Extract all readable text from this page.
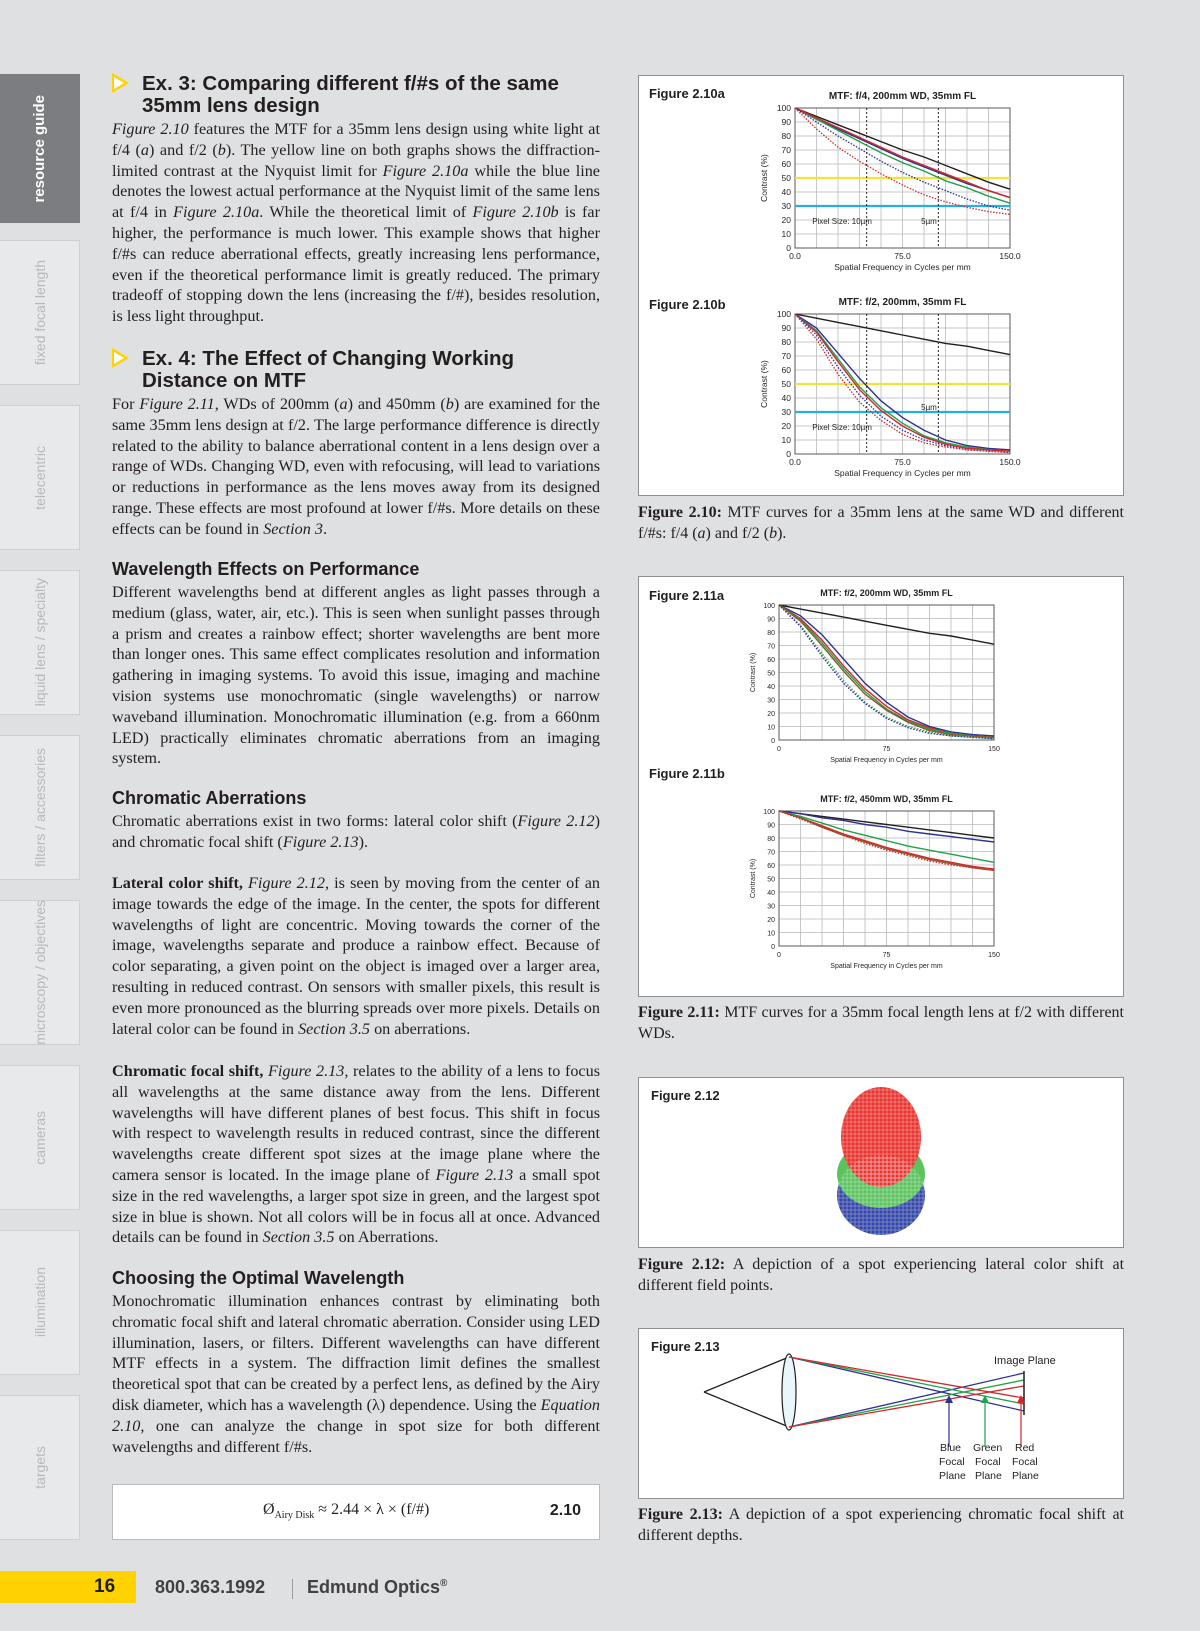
resource guide
fixed focal length
telecentric
liquid lens / specialty
filters / accessories
microscopy / objectives
cameras
illumination
targets
Ex. 3: Comparing different f/#s of the same 35mm lens design
Figure 2.10 features the MTF for a 35mm lens design using white light at f/4 (a) and f/2 (b). The yellow line on both graphs shows the diffraction-limited contrast at the Nyquist limit for Figure 2.10a while the blue line denotes the lowest actual performance at the Nyquist limit of the same lens at f/4 in Figure 2.10a. While the theoretical limit of Figure 2.10b is far higher, the performance is much lower. This example shows that higher f/#s can reduce aberrational effects, greatly increasing lens performance, even if the theoretical performance limit is greatly reduced. The primary tradeoff of stopping down the lens (increasing the f/#), besides resolution, is less light throughput.
Ex. 4: The Effect of Changing Working Distance on MTF
For Figure 2.11, WDs of 200mm (a) and 450mm (b) are examined for the same 35mm lens design at f/2. The large performance difference is directly related to the ability to balance aberrational content in a lens design over a range of WDs. Changing WD, even with refocusing, will lead to variations or reductions in performance as the lens moves away from its designed range. These effects are most profound at lower f/#s. More details on these effects can be found in Section 3.
Wavelength Effects on Performance
Different wavelengths bend at different angles as light passes through a medium (glass, water, air, etc.). This is seen when sunlight passes through a prism and creates a rainbow effect; shorter wavelengths are bent more than longer ones. This same effect complicates resolution and information gathering in imaging systems. To avoid this issue, imaging and machine vision systems use monochromatic (single wavelengths) or narrow waveband illumination. Monochromatic illumination (e.g. from a 660nm LED) practically eliminates chromatic aberrations from an imaging system.
Chromatic Aberrations
Chromatic aberrations exist in two forms: lateral color shift (Figure 2.12) and chromatic focal shift (Figure 2.13).
Lateral color shift, Figure 2.12, is seen by moving from the center of an image towards the edge of the image. In the center, the spots for different wavelengths of light are concentric. Moving towards the corner of the image, wavelengths separate and produce a rainbow effect. Because of color separating, a given point on the object is imaged over a larger area, resulting in reduced contrast. On sensors with smaller pixels, this result is even more pronounced as the blurring spreads over more pixels. Details on lateral color can be found in Section 3.5 on aberrations.
Chromatic focal shift, Figure 2.13, relates to the ability of a lens to focus all wavelengths at the same distance away from the lens. Different wavelengths will have different planes of best focus. This shift in focus with respect to wavelength results in reduced contrast, since the different wavelengths create different spot sizes at the image plane where the camera sensor is located. In the image plane of Figure 2.13 a small spot size in the red wavelengths, a larger spot size in green, and the largest spot size in blue is shown. Not all colors will be in focus all at once. Advanced details can be found in Section 3.5 on Aberrations.
Choosing the Optimal Wavelength
Monochromatic illumination enhances contrast by eliminating both chromatic focal shift and lateral chromatic aberration. Consider using LED illumination, lasers, or filters. Different wavelengths can have different MTF effects in a system. The diffraction limit defines the smallest theoretical spot that can be created by a perfect lens, as defined by the Airy disk diameter, which has a wavelength (λ) dependence. Using the Equation 2.10, one can analyze the change in spot size for both different wavelengths and different f/#s.
$Ø_{Airy Disk} \approx 2.44 \times \lambda$ × (f/#)	2.10
Figure 2.10a
Figure 2.10b
MTF: f/4, 200mm WD, 35mm FL
0
10
20
30
40
50
60
70
80
90
100
0.0	75.0	150.0
Spatial Frequency in Cycles per mm
Contrast (%)
Pixel Size: 10µm	5µm
MTF: f/2, 200mm, 35mm FL
0
10
20
30
40
50
60
70
80
90
100
0.0	75.0	150.0
Spatial Frequency in Cycles per mm
Contrast (%)
Pixel Size: 10µm
5µm
Figure 2.10: MTF curves for a 35mm lens at the same WD and different f/#s: f/4 (a) and f/2 (b).
Figure 2.11a
Figure 2.11b
MTF: f/2, 200mm WD, 35mm FL
0
10
20
30
40
50
60
70
80
90
100
0	75	150
Spatial Frequency in Cycles per mm
Contrast (%)
MTF: f/2, 450mm WD, 35mm FL
0
10
20
30
40
50
60
70
80
90
100
0	75	150
Spatial Frequency in Cycles per mm
Contrast (%)
Figure 2.11: MTF curves for a 35mm focal length lens at f/2 with different WDs.
Figure 2.12
Figure 2.12: A depiction of a spot experiencing lateral color shift at different field points.
Figure 2.13
Image Plane
Blue
Focal
Plane
Green
Focal
Plane
Red
Focal
Plane
Figure 2.13: A depiction of a spot experiencing chromatic focal shift at different depths.
16 800.363.1992 Edmund Optics®
